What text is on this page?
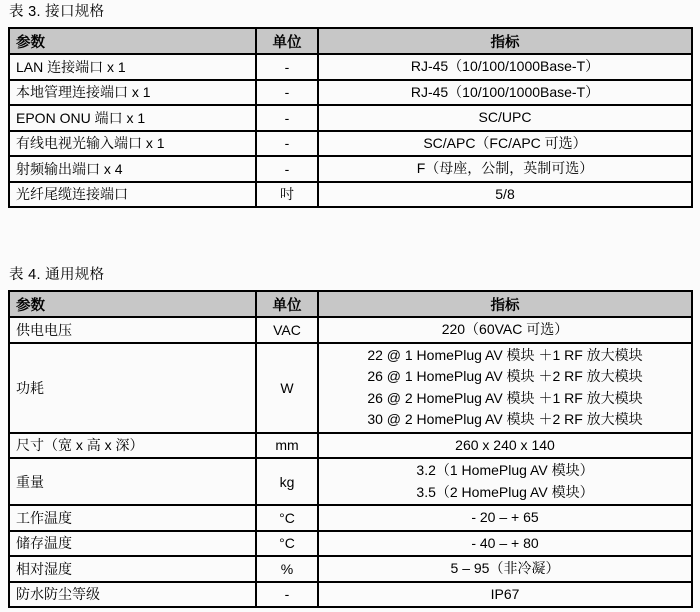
表 3. 接口规格
参数	单位	指标
LAN 连接端口 x 1	-	RJ-45（10/100/1000Base-T）

本地管理连接端口 x 1	-	RJ-45（10/100/1000Base-T）

EPON ONU 端口 x 1	-	SC/UPC

有线电视光输入端口 x 1	-	SC/APC（FC/APC 可选）

射频输出端口 x 4	-	F（母座，公制，英制可选）

光纤尾缆连接端口	吋	5/8
表 4. 通用规格
参数	单位	指标
供电电压	VAC	220（60VAC 可选）

功耗	W	22 @ 1 HomePlug AV 模块 ＋1 RF 放大模块
26 @ 1 HomePlug AV 模块 ＋2 RF 放大模块
26 @ 2 HomePlug AV 模块 ＋1 RF 放大模块
30 @ 2 HomePlug AV 模块 ＋2 RF 放大模块

尺寸（宽 x 高 x 深）	mm	260 x 240 x 140

重量	kg	3.2（1 HomePlug AV 模块）
3.5（2 HomePlug AV 模块）

工作温度	°C	- 20 – + 65

储存温度	°C	- 40 – + 80

相对湿度	%	5 – 95（非冷凝）

防水防尘等级	-	IP67
